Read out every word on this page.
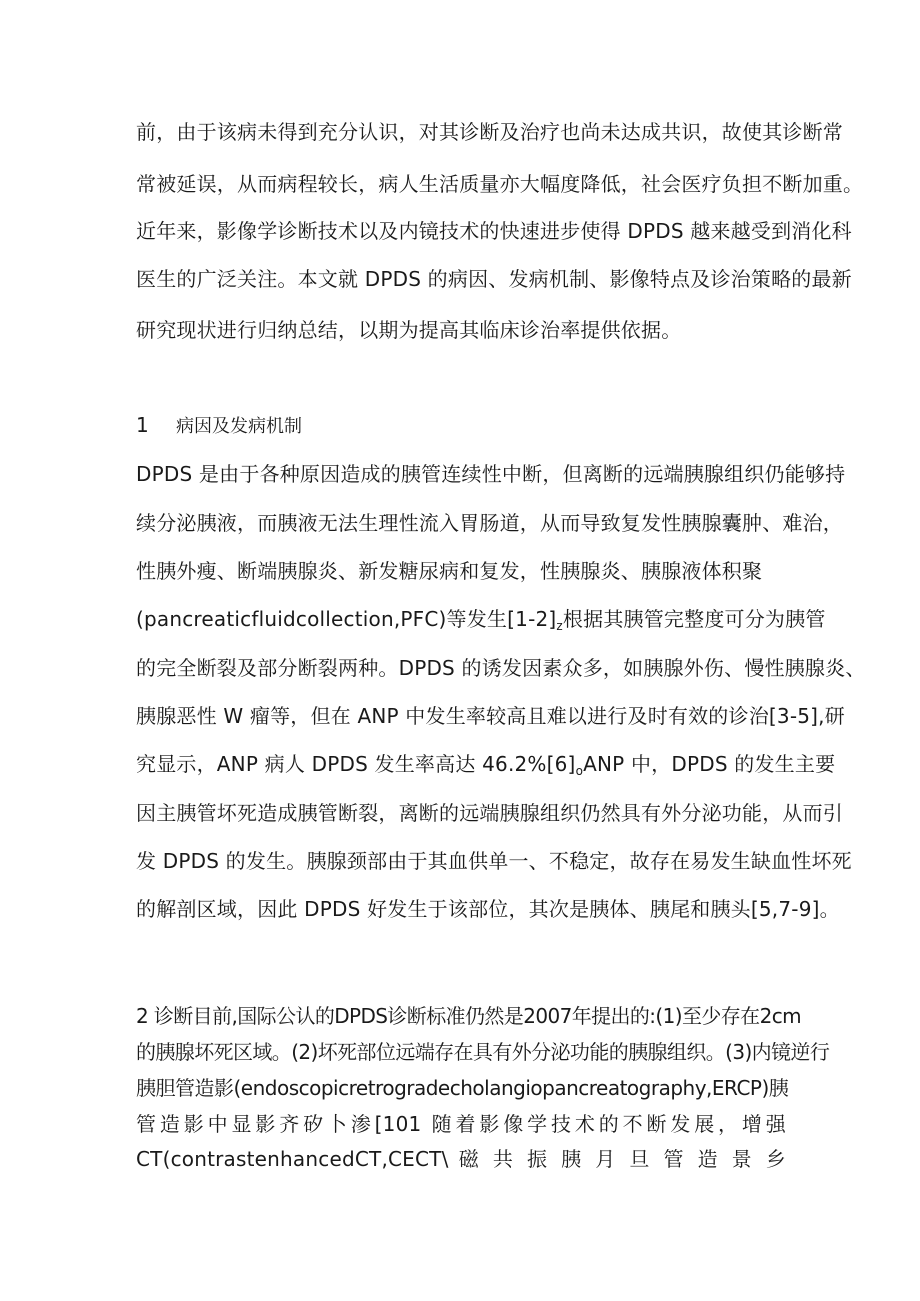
前，由于该病未得到充分认识，对其诊断及治疗也尚未达成共识，故使其诊断常
常被延误，从而病程较长，病人生活质量亦大幅度降低，社会医疗负担不断加重。
近年来，影像学诊断技术以及内镜技术的快速进步使得 DPDS 越来越受到消化科
医生的广泛关注。本文就 DPDS 的病因、发病机制、影像特点及诊治策略的最新
研究现状进行归纳总结，以期为提高其临床诊治率提供依据。
1 病因及发病机制
DPDS 是由于各种原因造成的胰管连续性中断，但离断的远端胰腺组织仍能够持
续分泌胰液，而胰液无法生理性流入胃肠道，从而导致复发性胰腺囊肿、难治，
性胰外瘦、断端胰腺炎、新发糖尿病和复发，性胰腺炎、胰腺液体积聚
(pancreaticfluidcollection,PFC)等发生$[1-2]_z$根据其胰管完整度可分为胰管
的完全断裂及部分断裂两种。DPDS 的诱发因素众多，如胰腺外伤、慢性胰腺炎、
胰腺恶性 W 瘤等，但在 ANP 中发生率较高且难以进行及时有效的诊治[3-5],研
究显示，ANP 病人 DPDS 发生率高达 $46.2\%[6]_oANP$ 中，DPDS 的发生主要
因主胰管坏死造成胰管断裂，离断的远端胰腺组织仍然具有外分泌功能，从而引
发 DPDS 的发生。胰腺颈部由于其血供单一、不稳定，故存在易发生缺血性坏死
的解剖区域，因此 DPDS 好发生于该部位，其次是胰体、胰尾和胰头[5,7-9]。
2 诊断目前,国际公认的DPDS诊断标准仍然是2007年提出的:(1)至少存在2cm
的胰腺坏死区域。(2)坏死部位远端存在具有外分泌功能的胰腺组织。(3)内镜逆行
胰胆管造影(endoscopicretrogradecholangiopancreatography,ERCP)胰
管造影中显影齐矽卜渗[101 随着影像学技术的不断发展，增强
CT(contrastenhancedCT,CECT\ 磁 共 振 胰 月 旦 管 造 景 乡
